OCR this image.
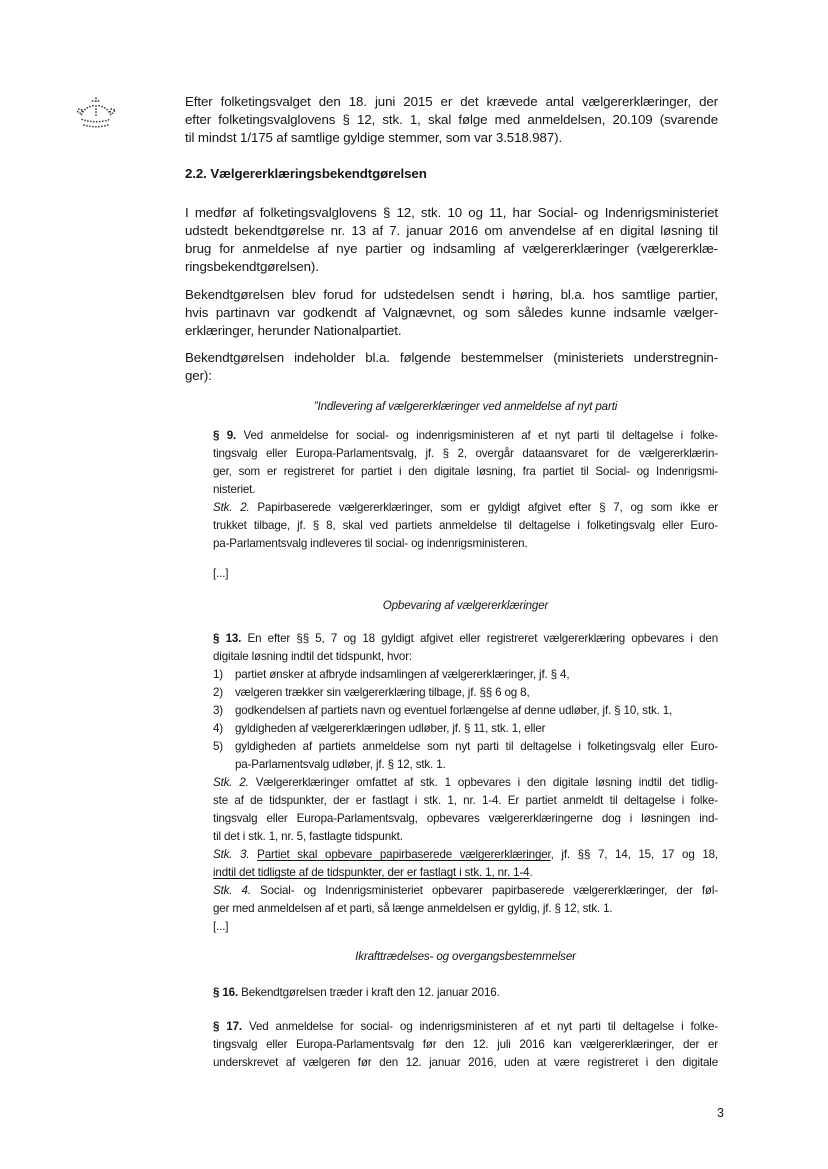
Efter folketingsvalget den 18. juni 2015 er det krævede antal vælgererklæringer, der
efter folketingsvalglovens § 12, stk. 1, skal følge med anmeldelsen, 20.109 (svarende
til mindst 1/175 af samtlige gyldige stemmer, som var 3.518.987).
2.2. Vælgererklæringsbekendtgørelsen
I medfør af folketingsvalglovens § 12, stk. 10 og 11, har Social- og Indenrigsministeriet
udstedt bekendtgørelse nr. 13 af 7. januar 2016 om anvendelse af en digital løsning til
brug for anmeldelse af nye partier og indsamling af vælgererklæringer (vælgererklæ-
ringsbekendtgørelsen).
Bekendtgørelsen blev forud for udstedelsen sendt i høring, bl.a. hos samtlige partier,
hvis partinavn var godkendt af Valgnævnet, og som således kunne indsamle vælger-
erklæringer, herunder Nationalpartiet.
Bekendtgørelsen indeholder bl.a. følgende bestemmelser (ministeriets understregnin-
ger):
”Indlevering af vælgererklæringer ved anmeldelse af nyt parti
§ 9. Ved anmeldelse for social- og indenrigsministeren af et nyt parti til deltagelse i folke-
tingsvalg eller Europa-Parlamentsvalg, jf. § 2, overgår dataansvaret for de vælgererklærin-
ger, som er registreret for partiet i den digitale løsning, fra partiet til Social- og Indenrigsmi-
nisteriet.
Stk. 2. Papirbaserede vælgererklæringer, som er gyldigt afgivet efter § 7, og som ikke er
trukket tilbage, jf. § 8, skal ved partiets anmeldelse til deltagelse i folketingsvalg eller Euro-
pa-Parlamentsvalg indleveres til social- og indenrigsministeren.
[...]
Opbevaring af vælgererklæringer
§ 13. En efter §§ 5, 7 og 18 gyldigt afgivet eller registreret vælgererklæring opbevares i den
digitale løsning indtil det tidspunkt, hvor:
1) partiet ønsker at afbryde indsamlingen af vælgererklæringer, jf. § 4,
2) vælgeren trækker sin vælgererklæring tilbage, jf. §§ 6 og 8,
3) godkendelsen af partiets navn og eventuel forlængelse af denne udløber, jf. § 10, stk. 1,
4) gyldigheden af vælgererklæringen udløber, jf. § 11, stk. 1, eller
5) gyldigheden af partiets anmeldelse som nyt parti til deltagelse i folketingsvalg eller Euro-
pa-Parlamentsvalg udløber, jf. § 12, stk. 1.
Stk. 2. Vælgererklæringer omfattet af stk. 1 opbevares i den digitale løsning indtil det tidlig-
ste af de tidspunkter, der er fastlagt i stk. 1, nr. 1-4. Er partiet anmeldt til deltagelse i folke-
tingsvalg eller Europa-Parlamentsvalg, opbevares vælgererklæringerne dog i løsningen ind-
til det i stk. 1, nr. 5, fastlagte tidspunkt.
Stk. 3. Partiet skal opbevare papirbaserede vælgererklæringer, jf. §§ 7, 14, 15, 17 og 18,
indtil det tidligste af de tidspunkter, der er fastlagt i stk. 1, nr. 1-4.
Stk. 4. Social- og Indenrigsministeriet opbevarer papirbaserede vælgererklæringer, der føl-
ger med anmeldelsen af et parti, så længe anmeldelsen er gyldig, jf. § 12, stk. 1.
[...]
Ikrafttrædelses- og overgangsbestemmelser
§ 16. Bekendtgørelsen træder i kraft den 12. januar 2016.
§ 17. Ved anmeldelse for social- og indenrigsministeren af et nyt parti til deltagelse i folke-
tingsvalg eller Europa-Parlamentsvalg før den 12. juli 2016 kan vælgererklæringer, der er
underskrevet af vælgeren før den 12. januar 2016, uden at være registreret i den digitale
3
